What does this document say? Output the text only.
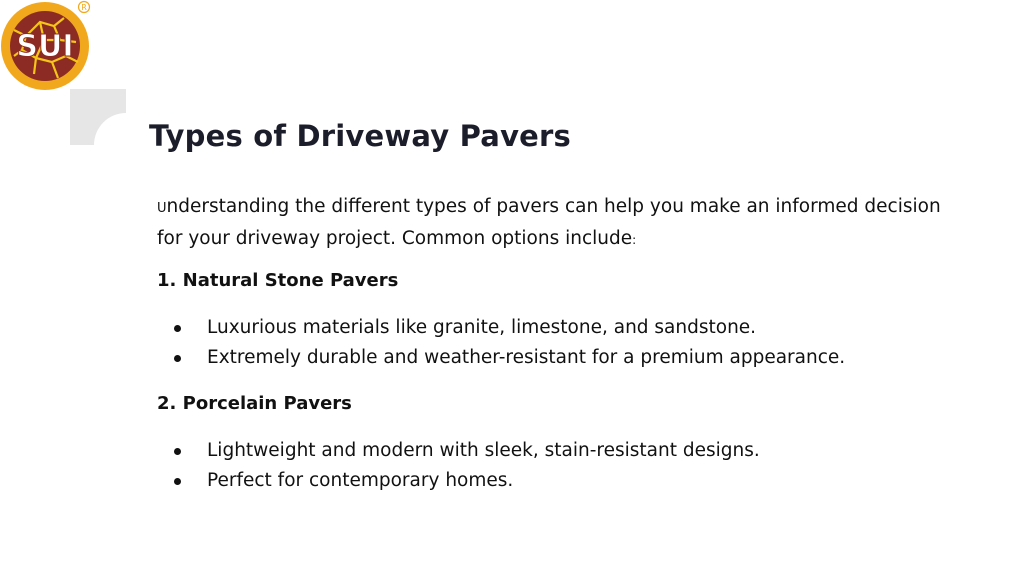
SUI
R
Types of Driveway Pavers

Understanding the different types of pavers can help you make an informed decision for your driveway project. Common options include:

1. Natural Stone Pavers
Luxurious materials like granite, limestone, and sandstone.
Extremely durable and weather-resistant for a premium appearance.
2. Porcelain Pavers
Lightweight and modern with sleek, stain-resistant designs.
Perfect for contemporary homes.
